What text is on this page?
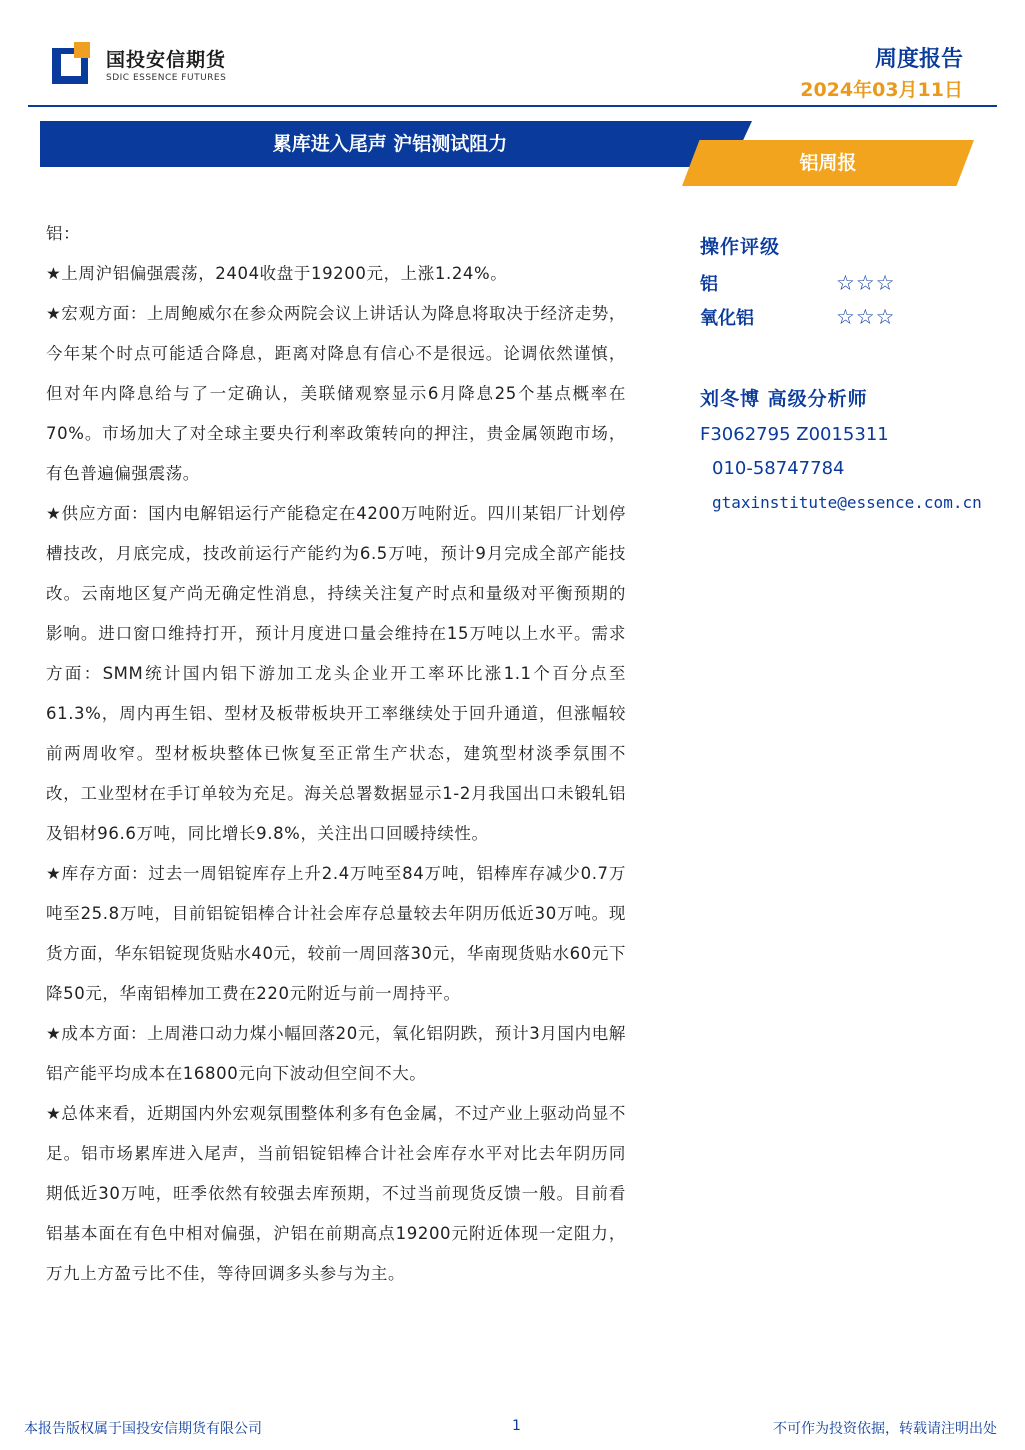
国投安信期货
SDIC ESSENCE FUTURES
周度报告
2024年03月11日
累库进入尾声 沪铝测试阻力
铝周报

铝：

★上周沪铝偏强震荡，2404收盘于19200元，上涨1.24%。

★宏观方面：上周鲍威尔在参众两院会议上讲话认为降息将取决于经济走势，今年某个时点可能适合降息，距离对降息有信心不是很远。论调依然谨慎，但对年内降息给与了一定确认，美联储观察显示6月降息25个基点概率在70%。市场加大了对全球主要央行利率政策转向的押注，贵金属领跑市场，有色普遍偏强震荡。

★供应方面：国内电解铝运行产能稳定在4200万吨附近。四川某铝厂计划停槽技改，月底完成，技改前运行产能约为6.5万吨，预计9月完成全部产能技改。云南地区复产尚无确定性消息，持续关注复产时点和量级对平衡预期的影响。进口窗口维持打开，预计月度进口量会维持在15万吨以上水平。需求方面：SMM统计国内铝下游加工龙头企业开工率环比涨1.1个百分点至61.3%，周内再生铝、型材及板带板块开工率继续处于回升通道，但涨幅较前两周收窄。型材板块整体已恢复至正常生产状态，建筑型材淡季氛围不改，工业型材在手订单较为充足。海关总署数据显示1-2月我国出口未锻轧铝及铝材96.6万吨，同比增长9.8%，关注出口回暖持续性。

★库存方面：过去一周铝锭库存上升2.4万吨至84万吨，铝棒库存减少0.7万吨至25.8万吨，目前铝锭铝棒合计社会库存总量较去年阴历低近30万吨。现货方面，华东铝锭现货贴水40元，较前一周回落30元，华南现货贴水60元下降50元，华南铝棒加工费在220元附近与前一周持平。

★成本方面：上周港口动力煤小幅回落20元，氧化铝阴跌，预计3月国内电解铝产能平均成本在16800元向下波动但空间不大。

★总体来看，近期国内外宏观氛围整体利多有色金属，不过产业上驱动尚显不足。铝市场累库进入尾声，当前铝锭铝棒合计社会库存水平对比去年阴历同期低近30万吨，旺季依然有较强去库预期，不过当前现货反馈一般。目前看铝基本面在有色中相对偏强，沪铝在前期高点19200元附近体现一定阻力，万九上方盈亏比不佳，等待回调多头参与为主。

操作评级
铝	☆☆☆
氧化铝	☆☆☆
刘冬博 高级分析师
F3062795 Z0015311
010-58747784
gtaxinstitute@essence.com.cn
本报告版权属于国投安信期货有限公司	1	不可作为投资依据，转载请注明出处
